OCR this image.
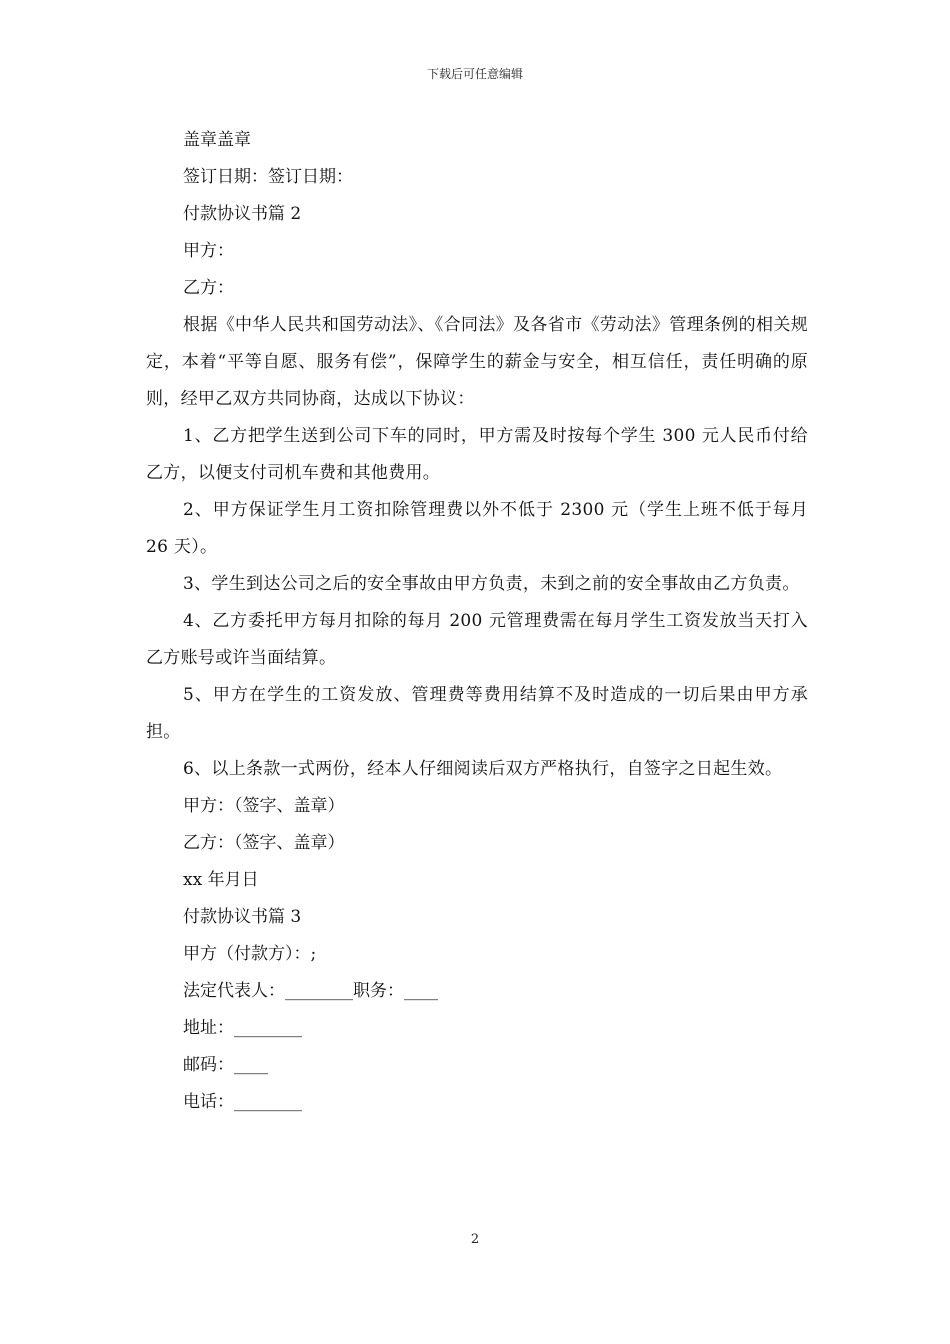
下载后可任意编辑
盖章盖章
签订日期：签订日期：
付款协议书篇 2
甲方：
乙方：
根据《中华人民共和国劳动法》、《合同法》及各省市《劳动法》管理条例的相关规定，本着“平等自愿、服务有偿”，保障学生的薪金与安全，相互信任，责任明确的原则，经甲乙双方共同协商，达成以下协议：
1、乙方把学生送到公司下车的同时，甲方需及时按每个学生 300 元人民币付给乙方，以便支付司机车费和其他费用。
2、甲方保证学生月工资扣除管理费以外不低于 2300 元（学生上班不低于每月 26 天）。
3、学生到达公司之后的安全事故由甲方负责，未到之前的安全事故由乙方负责。
4、乙方委托甲方每月扣除的每月 200 元管理费需在每月学生工资发放当天打入乙方账号或许当面结算。
5、甲方在学生的工资发放、管理费等费用结算不及时造成的一切后果由甲方承担。
6、以上条款一式两份，经本人仔细阅读后双方严格执行，自签字之日起生效。
甲方：（签字、盖章）
乙方：（签字、盖章）
xx 年月日
付款协议书篇 3
甲方（付款方）：;
法定代表人：________职务：____
地址：________
邮码：____
电话：________
2
